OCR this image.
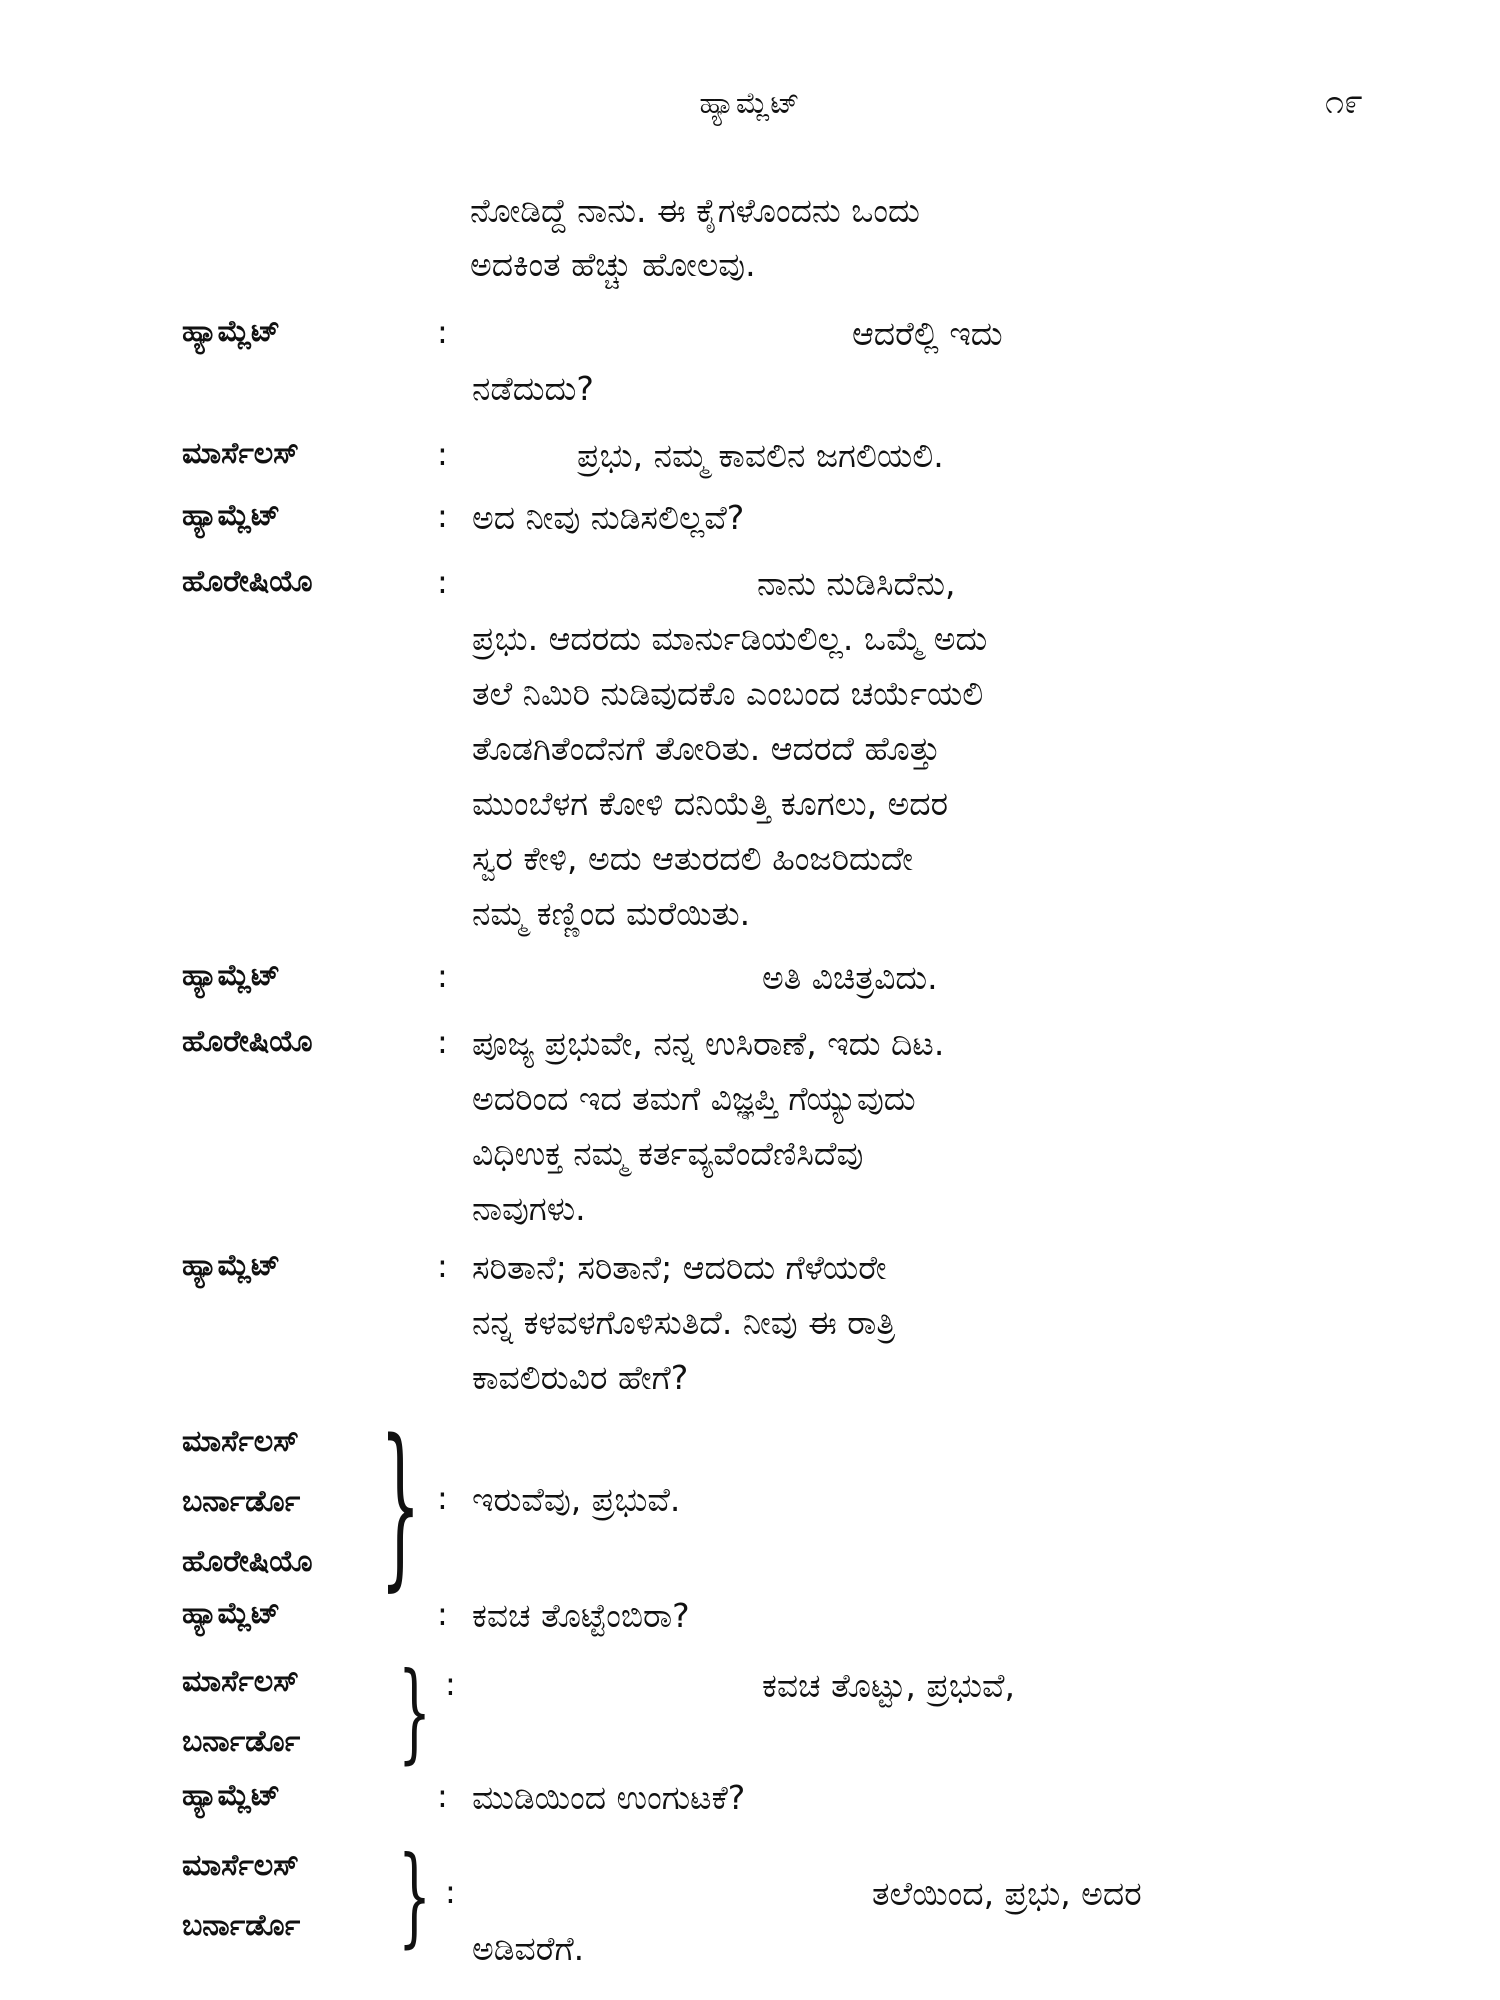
ಹ್ಯಾಮ್ಲೆಟ್	೧೯
ನೋಡಿದ್ದೆ ನಾನು. ಈ ಕೈಗಳೊಂದನು ಒಂದು
ಅದಕಿಂತ ಹೆಚ್ಚು ಹೋಲವು.
ಹ್ಯಾಮ್ಲೆಟ್	:	ಆದರೆಲ್ಲಿ ಇದು
ನಡೆದುದು?
ಮಾರ್ಸೆಲಸ್	:	ಪ್ರಭು, ನಮ್ಮ ಕಾವಲಿನ ಜಗಲಿಯಲಿ.
ಹ್ಯಾಮ್ಲೆಟ್	: ಅದ ನೀವು ನುಡಿಸಲಿಲ್ಲವೆ?
ಹೊರೇಷಿಯೊ	:	ನಾನು ನುಡಿಸಿದೆನು,
ಪ್ರಭು. ಆದರದು ಮಾರ್ನುಡಿಯಲಿಲ್ಲ. ಒಮ್ಮೆ ಅದು
ತಲೆ ನಿಮಿರಿ ನುಡಿವುದಕೊ ಎಂಬಂದ ಚರ್ಯೆಯಲಿ
ತೊಡಗಿತೆಂದೆನಗೆ ತೋರಿತು. ಆದರದೆ ಹೊತ್ತು
ಮುಂಬೆಳಗ ಕೋಳಿ ದನಿಯೆತ್ತಿ ಕೂಗಲು, ಅದರ
ಸ್ವರ ಕೇಳಿ, ಅದು ಆತುರದಲಿ ಹಿಂಜರಿದುದೇ
ನಮ್ಮ ಕಣ್ಣಿಂದ ಮರೆಯಿತು.
ಹ್ಯಾಮ್ಲೆಟ್	:	ಅತಿ ವಿಚಿತ್ರವಿದು.
ಹೊರೇಷಿಯೊ	: ಪೂಜ್ಯ ಪ್ರಭುವೇ, ನನ್ನ ಉಸಿರಾಣೆ, ಇದು ದಿಟ.
ಅದರಿಂದ ಇದ ತಮಗೆ ವಿಜ್ಞಪ್ತಿ ಗೆಯ್ಯುವುದು
ವಿಧಿಉಕ್ತ ನಮ್ಮ ಕರ್ತವ್ಯವೆಂದೆಣಿಸಿದೆವು
ನಾವುಗಳು.
ಹ್ಯಾಮ್ಲೆಟ್	: ಸರಿತಾನೆ; ಸರಿತಾನೆ; ಆದರಿದು ಗೆಳೆಯರೇ
ನನ್ನ ಕಳವಳಗೊಳಿಸುತಿದೆ. ನೀವು ಈ ರಾತ್ರಿ
ಕಾವಲಿರುವಿರ ಹೇಗೆ?
ಮಾರ್ಸೆಲಸ್
ಬರ್ನಾರ್ಡೊ
ಹೊರೇಷಿಯೊ } : ಇರುವೆವು, ಪ್ರಭುವೆ.
ಹ್ಯಾಮ್ಲೆಟ್	: ಕವಚ ತೊಟ್ಟೆಂಬಿರಾ?
ಮಾರ್ಸೆಲಸ್
ಬರ್ನಾರ್ಡೊ } :	ಕವಚ ತೊಟ್ಟು, ಪ್ರಭುವೆ,
ಹ್ಯಾಮ್ಲೆಟ್	: ಮುಡಿಯಿಂದ ಉಂಗುಟಕೆ?
ಮಾರ್ಸೆಲಸ್
ಬರ್ನಾರ್ಡೊ } :	ತಲೆಯಿಂದ, ಪ್ರಭು, ಅದರ
ಅಡಿವರೆಗೆ.
